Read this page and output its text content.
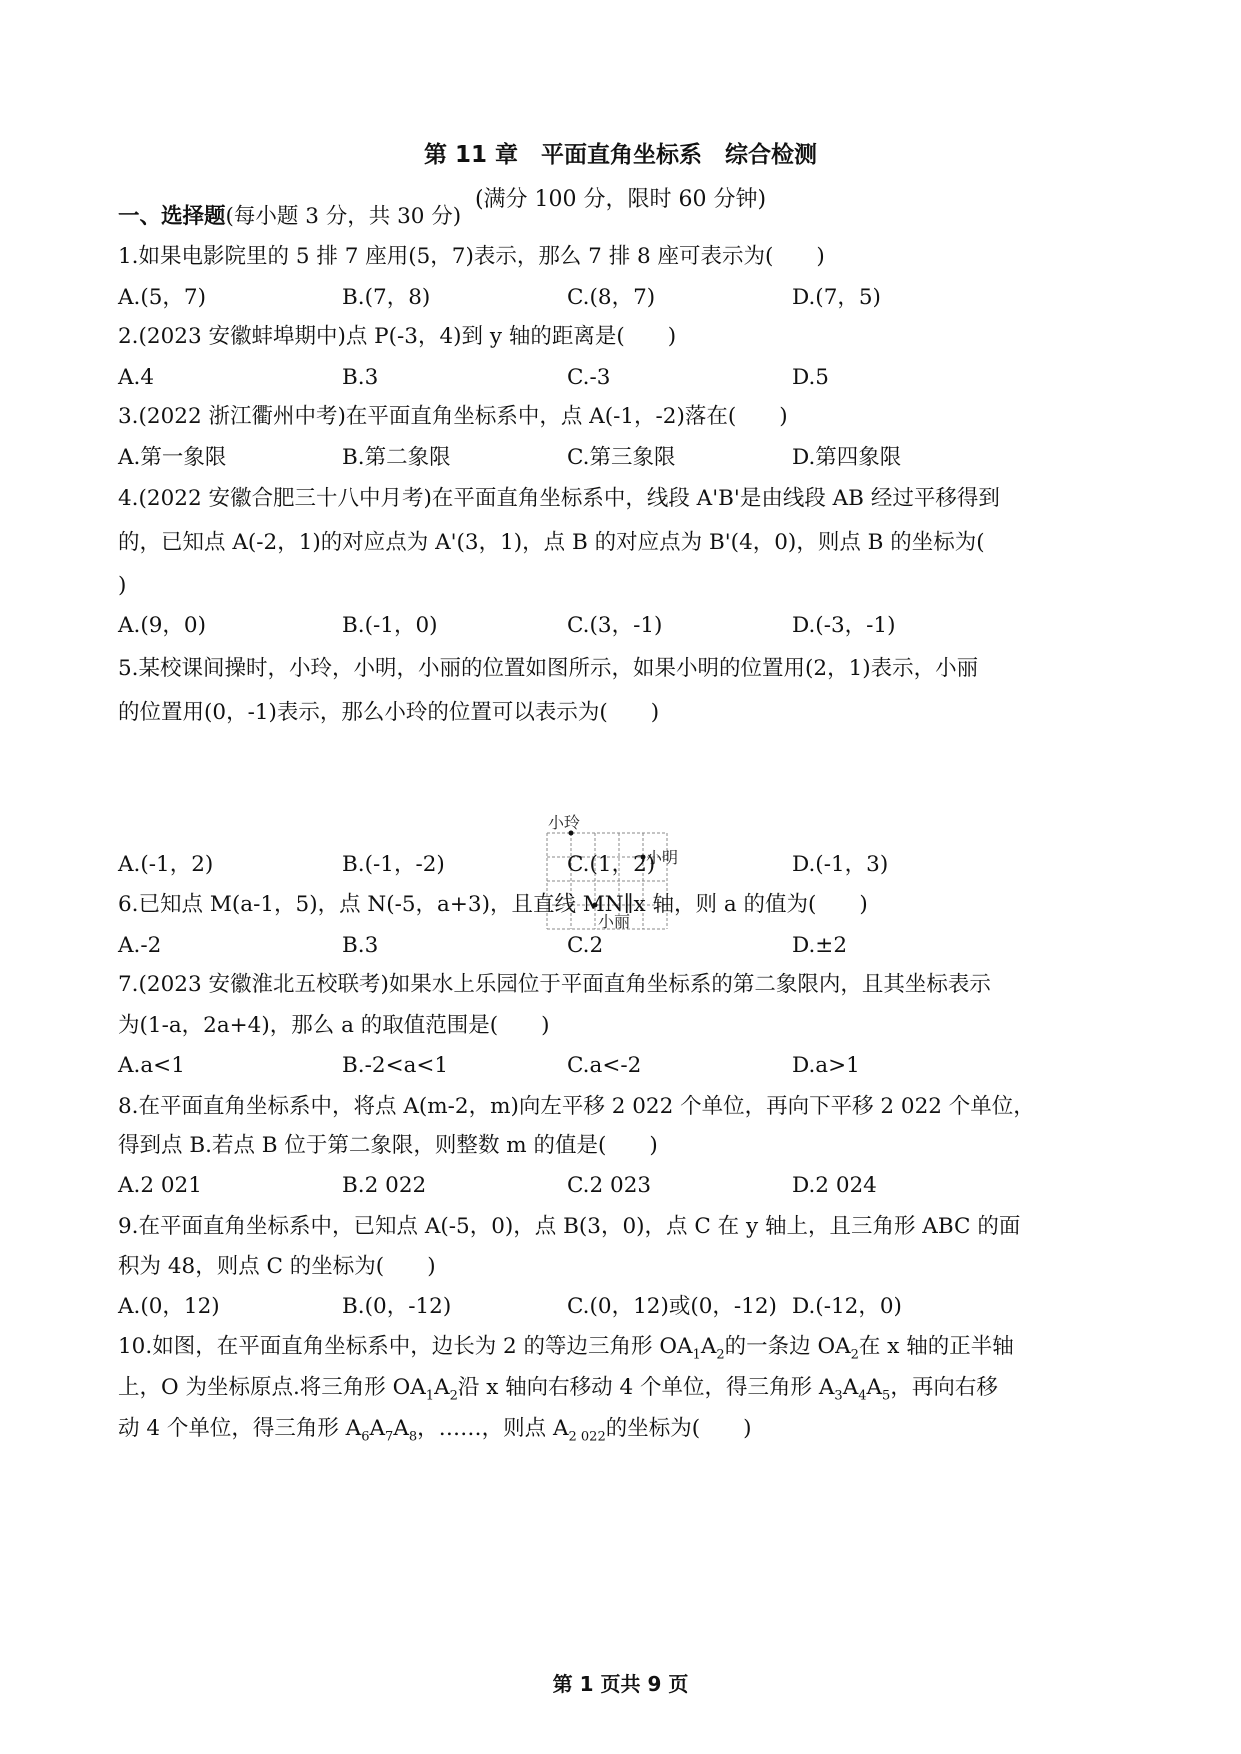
第 11 章　平面直角坐标系　综合检测
(满分 100 分，限时 60 分钟)
一、选择题(每小题 3 分，共 30 分)
1.如果电影院里的 5 排 7 座用(5，7)表示，那么 7 排 8 座可表示为(　　)
A.(5，7)	B.(7，8)	C.(8，7)	D.(7，5)
2.(2023 安徽蚌埠期中)点 P(-3，4)到 y 轴的距离是(　　)
A.4	B.3	C.-3	D.5
3.(2022 浙江衢州中考)在平面直角坐标系中，点 A(-1，-2)落在(　　)
A.第一象限	B.第二象限	C.第三象限	D.第四象限
4.(2022 安徽合肥三十八中月考)在平面直角坐标系中，线段 A'B'是由线段 AB 经过平移得到
的，已知点 A(-2，1)的对应点为 A'(3，1)，点 B 的对应点为 B'(4，0)，则点 B 的坐标为(
)
A.(9，0)	B.(-1，0)	C.(3，-1)	D.(-3，-1)
5.某校课间操时，小玲，小明，小丽的位置如图所示，如果小明的位置用(2，1)表示，小丽
的位置用(0，-1)表示，那么小玲的位置可以表示为(　　)
小玲
小明
小丽
A.(-1，2)	B.(-1，-2)	C.(1，2)	D.(-1，3)
6.已知点 M(a-1，5)，点 N(-5，a+3)，且直线 MN∥x 轴，则 a 的值为(　　)
A.-2	B.3	C.2	D.±2
7.(2023 安徽淮北五校联考)如果水上乐园位于平面直角坐标系的第二象限内，且其坐标表示
为(1-a，2a+4)，那么 a 的取值范围是(　　)
A.a<1	B.-2<a<1	C.a<-2	D.a>1
8.在平面直角坐标系中，将点 A(m-2，m)向左平移 2 022 个单位，再向下平移 2 022 个单位，
得到点 B.若点 B 位于第二象限，则整数 m 的值是(　　)
A.2 021	B.2 022	C.2 023	D.2 024
9.在平面直角坐标系中，已知点 A(-5，0)，点 B(3，0)，点 C 在 y 轴上，且三角形 ABC 的面
积为 48，则点 C 的坐标为(　　)
A.(0，12)	B.(0，-12)	C.(0，12)或(0，-12) D.(-12，0)
10.如图，在平面直角坐标系中，边长为 2 的等边三角形 $OA_1A_2$的一条边 $OA_2$在 x 轴的正半轴
上，O 为坐标原点.将三角形 $OA_1A_2$沿 x 轴向右移动 4 个单位，得三角形 $A_3A_4A_5$，再向右移
动 4 个单位，得三角形 $A_6A_7A_8$，……，则点 $A_{2 022}$的坐标为(　　)
第 1 页共 9 页
